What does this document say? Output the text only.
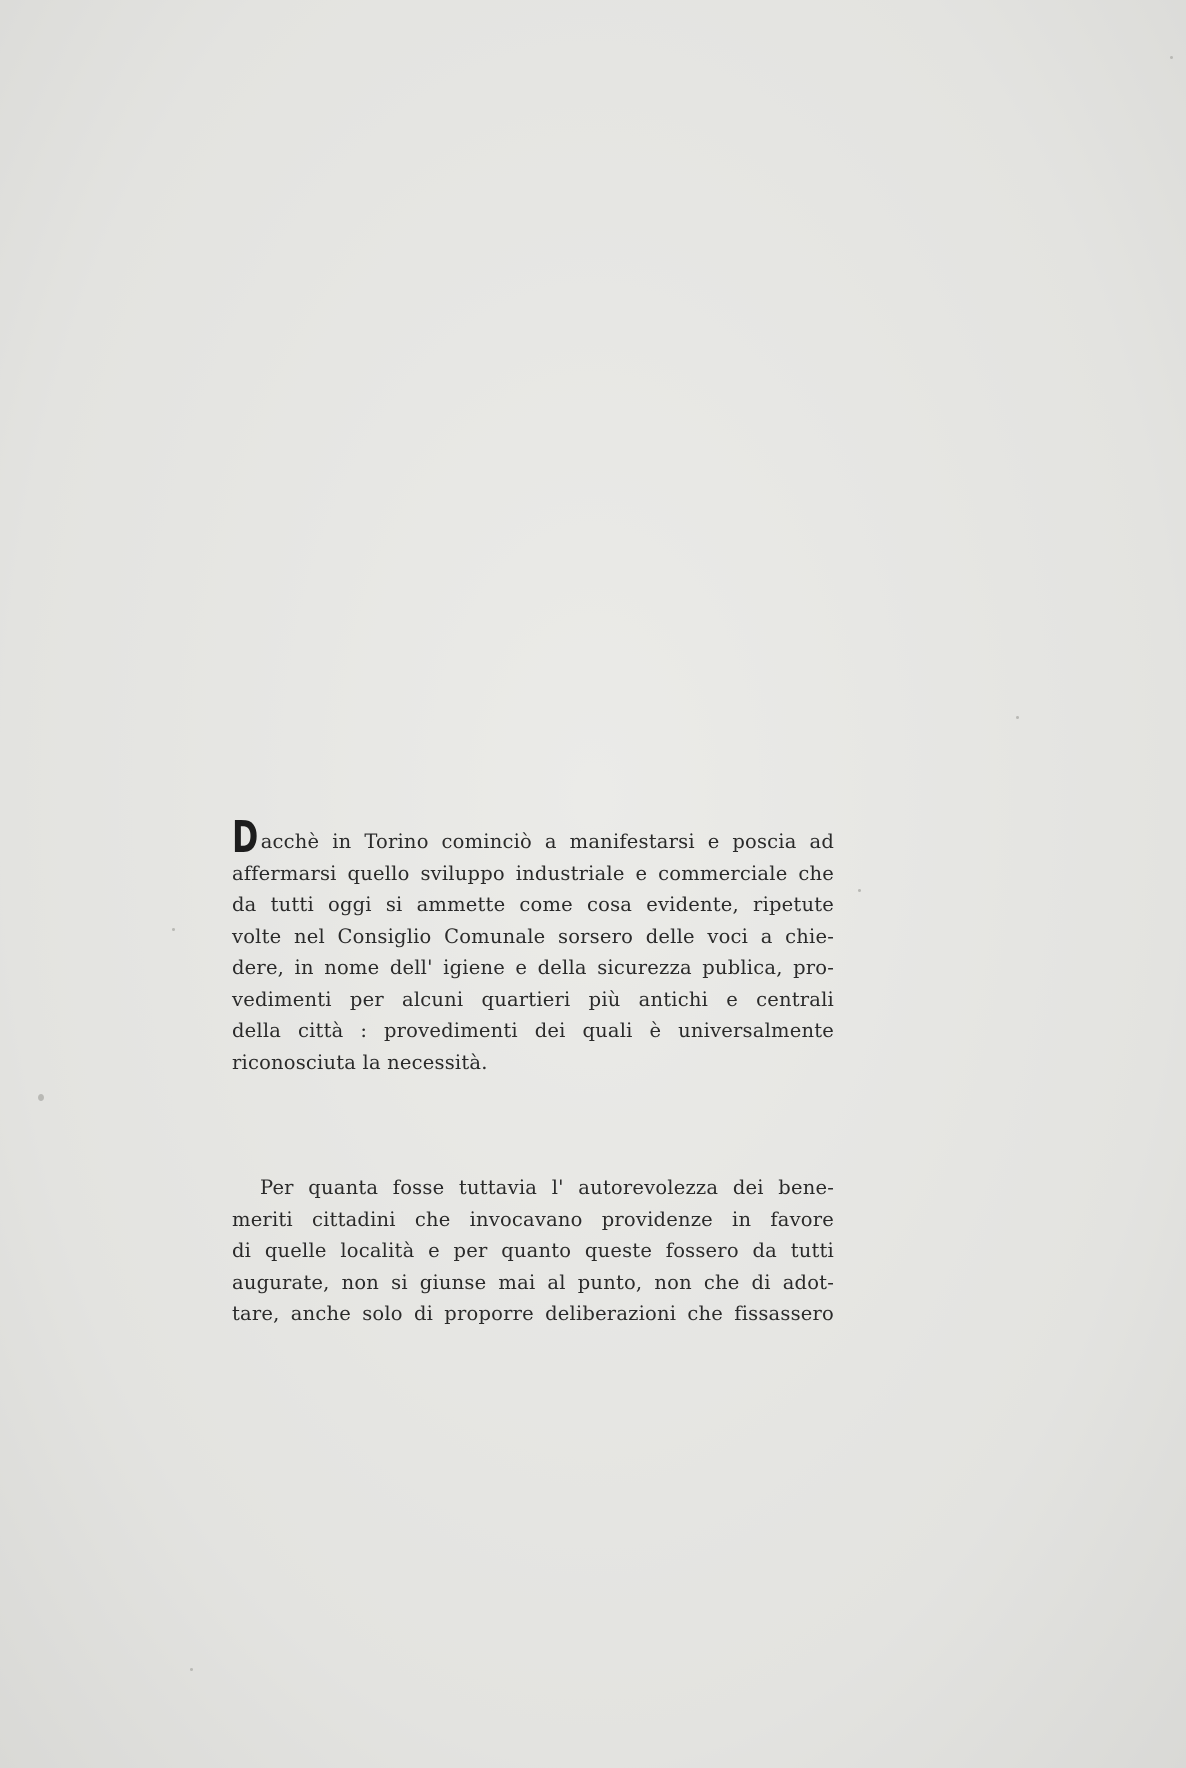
Dacchè in Torino cominciò a manifestarsi e poscia ad
affermarsi quello sviluppo industriale e commerciale che
da tutti oggi si ammette come cosa evidente, ripetute
volte nel Consiglio Comunale sorsero delle voci a chie-
dere, in nome dell' igiene e della sicurezza publica, pro-
vedimenti per alcuni quartieri più antichi e centrali
della città : provedimenti dei quali è universalmente
riconosciuta la necessità.
Per quanta fosse tuttavia l' autorevolezza dei bene-
meriti cittadini che invocavano providenze in favore
di quelle località e per quanto queste fossero da tutti
augurate, non si giunse mai al punto, non che di adot-
tare, anche solo di proporre deliberazioni che fissassero
